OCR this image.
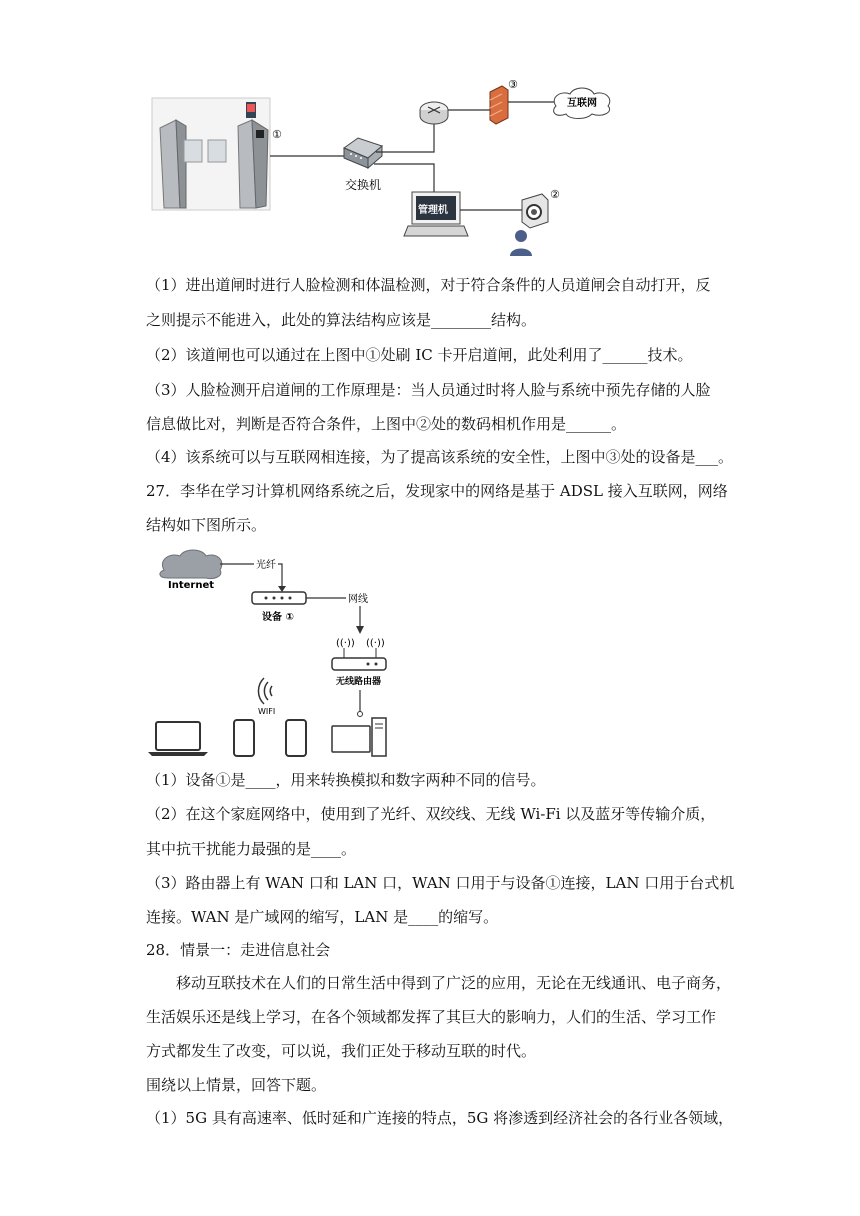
①
交换机
③
互联网
管理机
②
（1）进出道闸时进行人脸检测和体温检测，对于符合条件的人员道闸会自动打开，反
之则提示不能进入，此处的算法结构应该是________结构。
（2）该道闸也可以通过在上图中①处刷 IC 卡开启道闸，此处利用了______技术。
（3）人脸检测开启道闸的工作原理是：当人员通过时将人脸与系统中预先存储的人脸
信息做比对，判断是否符合条件，上图中②处的数码相机作用是______。
（4）该系统可以与互联网相连接，为了提高该系统的安全性，上图中③处的设备是___。
27．李华在学习计算机网络系统之后，发现家中的网络是基于 ADSL 接入互联网，网络
结构如下图所示。
Internet
光纤
设备 ①
网线
((·)) ((·))
无线路由器
WIFI
（1）设备①是____，用来转换模拟和数字两种不同的信号。
（2）在这个家庭网络中，使用到了光纤、双绞线、无线 Wi-Fi 以及蓝牙等传输介质，
其中抗干扰能力最强的是____。
（3）路由器上有 WAN 口和 LAN 口，WAN 口用于与设备①连接，LAN 口用于台式机
连接。WAN 是广域网的缩写，LAN 是____的缩写。
28．情景一：走进信息社会
移动互联技术在人们的日常生活中得到了广泛的应用，无论在无线通讯、电子商务，
生活娱乐还是线上学习，在各个领域都发挥了其巨大的影响力，人们的生活、学习工作
方式都发生了改变，可以说，我们正处于移动互联的时代。
围绕以上情景，回答下题。
（1）5G 具有高速率、低时延和广连接的特点，5G 将渗透到经济社会的各行业各领域，
